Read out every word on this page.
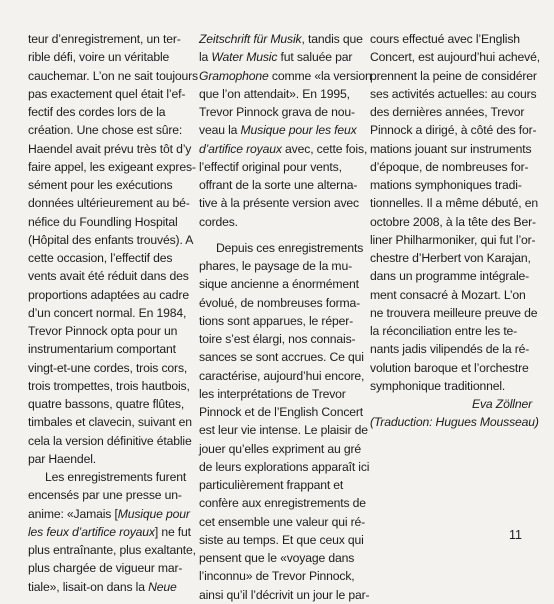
teur d’enregistrement, un ter-
rible défi, voire un véritable
cauchemar. L’on ne sait toujours
pas exactement quel était l’ef-
fectif des cordes lors de la
création. Une chose est sûre:
Haendel avait prévu très tôt d’y
faire appel, les exigeant expres-
sément pour les exécutions
données ultérieurement au bé-
néfice du Foundling Hospital
(Hôpital des enfants trouvés). A
cette occasion, l’effectif des
vents avait été réduit dans des
proportions adaptées au cadre
d’un concert normal. En 1984,
Trevor Pinnock opta pour un
instrumentarium comportant
vingt-et-une cordes, trois cors,
trois trompettes, trois hautbois,
quatre bassons, quatre flûtes,
timbales et clavecin, suivant en
cela la version définitive établie
par Haendel.
Les enregistrements furent
encensés par une presse un-
anime: «Jamais [Musique pour
les feux d’artifice royaux] ne fut
plus entraînante, plus exaltante,
plus chargée de vigueur mar-
tiale», lisait-on dans la Neue
Zeitschrift für Musik, tandis que
la Water Music fut saluée par
Gramophone comme «la version
que l’on attendait». En 1995,
Trevor Pinnock grava de nou-
veau la Musique pour les feux
d’artifice royaux avec, cette fois,
l’effectif original pour vents,
offrant de la sorte une alterna-
tive à la présente version avec
cordes.
Depuis ces enregistrements
phares, le paysage de la mu-
sique ancienne a énormément
évolué, de nombreuses forma-
tions sont apparues, le réper-
toire s’est élargi, nos connais-
sances se sont accrues. Ce qui
caractérise, aujourd’hui encore,
les interprétations de Trevor
Pinnock et de l’English Concert
est leur vie intense. Le plaisir de
jouer qu’elles expriment au gré
de leurs explorations apparaît ici
particulièrement frappant et
confère aux enregistrements de
cet ensemble une valeur qui ré-
siste au temps. Et que ceux qui
pensent que le «voyage dans
l’inconnu» de Trevor Pinnock,
ainsi qu’il l’décrivit un jour le par-
cours effectué avec l’English
Concert, est aujourd’hui achevé,
prennent la peine de considérer
ses activités actuelles: au cours
des dernières années, Trevor
Pinnock a dirigé, à côté des for-
mations jouant sur instruments
d’époque, de nombreuses for-
mations symphoniques tradi-
tionnelles. Il a même débuté, en
octobre 2008, à la tête des Ber-
liner Philharmoniker, qui fut l’or-
chestre d’Herbert von Karajan,
dans un programme intégrale-
ment consacré à Mozart. L’on
ne trouvera meilleure preuve de
la réconciliation entre les te-
nants jadis vilipendés de la ré-
volution baroque et l’orchestre
symphonique traditionnel.
Eva Zöllner
(Traduction: Hugues Mousseau)
11
